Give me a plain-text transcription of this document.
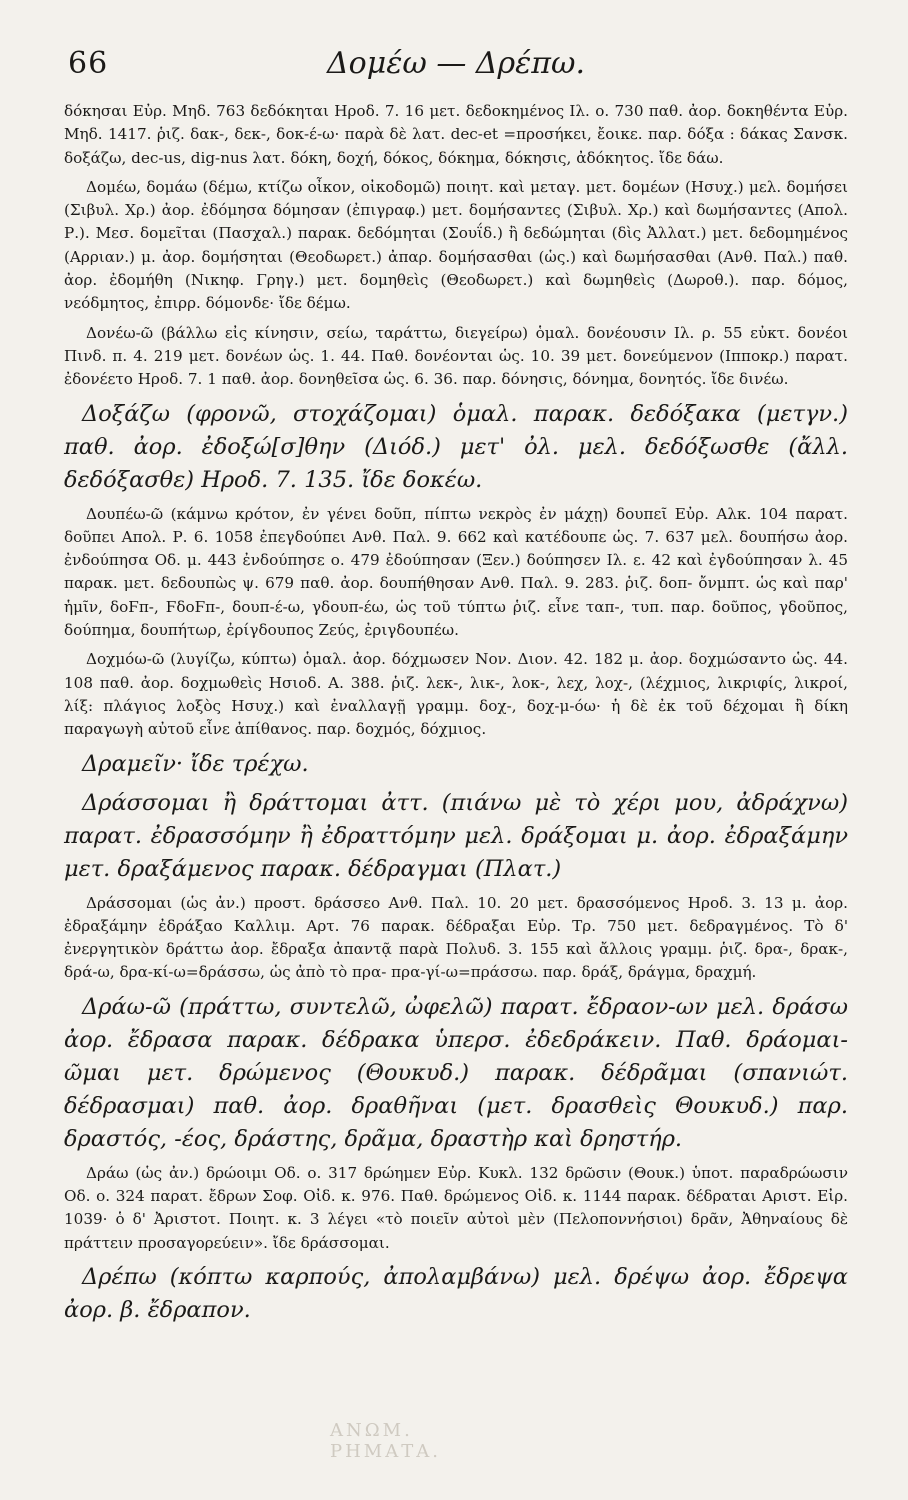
66	Δομέω — Δρέπω.

δόκησαι Εὐρ. Μηδ. 763 δεδόκηται Ηροδ. 7. 16 μετ. δεδοκημένος Ιλ. ο. 730 παθ. ἀορ. δοκηθέντα Εὐρ. Μηδ. 1417. ῥιζ. δακ-, δεκ-, δοκ-έ-ω· παρὰ δὲ λατ. dec-et =προσήκει, ἔοικε. παρ. δόξα : δάκας Σανσκ. δοξάζω, dec-us, dig-nus λατ. δόκη, δοχή, δόκος, δόκημα, δόκησις, ἀδόκητος. ἴδε δάω.

Δομέω, δομάω (δέμω, κτίζω οἶκον, οἰκοδομῶ) ποιητ. καὶ μεταγ. μετ. δομέων (Ησυχ.) μελ. δομήσει (Σιβυλ. Χρ.) ἀορ. ἐδόμησα δόμησαν (ἐπιγραφ.) μετ. δομήσαντες (Σιβυλ. Χρ.) καὶ δωμήσαντες (Απολ. Ρ.). Μεσ. δομεῖται (Πασχαλ.) παρακ. δεδόμηται (Σουΐδ.) ἢ δεδώμηται (δὶς Ἀλλατ.) μετ. δεδομημένος (Αρριαν.) μ. ἀορ. δομήσηται (Θεοδωρετ.) ἀπαρ. δομήσασθαι (ὡς.) καὶ δωμήσασθαι (Ανθ. Παλ.) παθ. ἀορ. ἐδομήθη (Νικηφ. Γρηγ.) μετ. δομηθεὶς (Θεοδωρετ.) καὶ δωμηθεὶς (Δωροθ.). παρ. δόμος, νεόδμητος, ἐπιρρ. δόμονδε· ἴδε δέμω.

Δονέω-ῶ (βάλλω εἰς κίνησιν, σείω, ταράττω, διεγείρω) ὁμαλ. δονέουσιν Ιλ. ρ. 55 εὐκτ. δονέοι Πινδ. π. 4. 219 μετ. δονέων ὡς. 1. 44. Παθ. δονέονται ὡς. 10. 39 μετ. δονεύμενον (Ιπποκρ.) παρατ. ἐδονέετο Ηροδ. 7. 1 παθ. ἀορ. δονηθεῖσα ὡς. 6. 36. παρ. δόνησις, δόνημα, δονητός. ἴδε δινέω.

Δοξάζω (φρονῶ, στοχάζομαι) ὁμαλ. παρακ. δεδόξακα (μετγν.) παθ. ἀορ. ἐδοξώ[σ]θην (Διόδ.) μετ' ὀλ. μελ. δεδόξωσθε (ἄλλ. δεδόξασθε) Ηροδ. 7. 135. ἴδε δοκέω.

Δουπέω-ῶ (κάμνω κρότον, ἐν γένει δοῦπ, πίπτω νεκρὸς ἐν μάχῃ) δουπεῖ Εὐρ. Αλκ. 104 παρατ. δοῦπει Απολ. Ρ. 6. 1058 ἐπεγδούπει Ανθ. Παλ. 9. 662 καὶ κατέδουπε ὡς. 7. 637 μελ. δουπήσω ἀορ. ἐνδούπησα Οδ. μ. 443 ἐνδούπησε ο. 479 ἐδούπησαν (Ξεν.) δούπησεν Ιλ. ε. 42 καὶ ἐγδούπησαν λ. 45 παρακ. μετ. δεδουπὼς ψ. 679 παθ. ἀορ. δουπήθησαν Ανθ. Παλ. 9. 283. ῥιζ. δοπ- ὄνμπτ. ὡς καὶ παρ' ἡμῖν, δοϜπ-, ϜδοϜπ-, δουπ-έ-ω, γδουπ-έω, ὡς τοῦ τύπτω ῥιζ. εἶνε ταπ-, τυπ. παρ. δοῦπος, γδοῦπος, δούπημα, δουπήτωρ, ἐρίγδουπος Ζεύς, ἐριγδουπέω.

Δοχμόω-ῶ (λυγίζω, κύπτω) ὁμαλ. ἀορ. δόχμωσεν Νον. Διον. 42. 182 μ. ἀορ. δοχμώσαντο ὡς. 44. 108 παθ. ἀορ. δοχμωθεὶς Ησιοδ. Α. 388. ῥιζ. λεκ-, λικ-, λοκ-, λεχ, λοχ-, (λέχμιος, λικριφίς, λικροί, λίξ: πλάγιος λοξὸς Ησυχ.) καὶ ἐναλλαγῇ γραμμ. δοχ-, δοχ-μ-όω· ἡ δὲ ἐκ τοῦ δέχομαι ἢ δίκη παραγωγὴ αὐτοῦ εἶνε ἀπίθανος. παρ. δοχμός, δόχμιος.

Δραμεῖν· ἴδε τρέχω.

Δράσσομαι ἢ δράττομαι ἀττ. (πιάνω μὲ τὸ χέρι μου, ἀδράχνω) παρατ. ἐδρασσόμην ἢ ἐδραττόμην μελ. δράξομαι μ. ἀορ. ἐδραξάμην μετ. δραξάμενος παρακ. δέδραγμαι (Πλατ.)

Δράσσομαι (ὡς ἀν.) προστ. δράσσεο Ανθ. Παλ. 10. 20 μετ. δρασσόμενος Ηροδ. 3. 13 μ. ἀορ. ἐδραξάμην ἐδράξαο Καλλιμ. Αρτ. 76 παρακ. δέδραξαι Εὐρ. Τρ. 750 μετ. δεδραγμένος. Τὸ δ' ἐνεργητικὸν δράττω ἀορ. ἔδραξα ἀπαντᾷ παρὰ Πολυδ. 3. 155 καὶ ἄλλοις γραμμ. ῥιζ. δρα-, δρακ-, δρά-ω, δρα-κί-ω=δράσσω, ὡς ἀπὸ τὸ πρα- πρα-γί-ω=πράσσω. παρ. δράξ, δράγμα, δραχμή.

Δράω-ῶ (πράττω, συντελῶ, ὠφελῶ) παρατ. ἔδραον-ων μελ. δράσω ἀορ. ἔδρασα παρακ. δέδρακα ὑπερσ. ἐδεδράκειν. Παθ. δράομαι-ῶμαι μετ. δρώμενος (Θουκυδ.) παρακ. δέδρᾶμαι (σπανιώτ. δέδρασμαι) παθ. ἀορ. δραθῆναι (μετ. δρασθεὶς Θουκυδ.) παρ. δραστός, -έος, δράστης, δρᾶμα, δραστὴρ καὶ δρηστήρ.

Δράω (ὡς ἀν.) δρώοιμι Οδ. ο. 317 δρώημεν Εὐρ. Κυκλ. 132 δρῶσιν (Θουκ.) ὑποτ. παραδρώωσιν Οδ. ο. 324 παρατ. ἔδρων Σοφ. Οἰδ. κ. 976. Παθ. δρώμενος Οἰδ. κ. 1144 παρακ. δέδραται Αριστ. Εἰρ. 1039· ὁ δ' Ἀριστοτ. Ποιητ. κ. 3 λέγει «τὸ ποιεῖν αὐτοὶ μὲν (Πελοποννήσιοι) δρᾶν, Ἀθηναίους δὲ πράττειν προσαγορεύειν». ἴδε δράσσομαι.

Δρέπω (κόπτω καρπούς, ἀπολαμβάνω) μελ. δρέψω ἀορ. ἔδρεψα ἀορ. β. ἔδραπον.

ΑΝΩΜ. ΡΗΜΑΤΑ.
